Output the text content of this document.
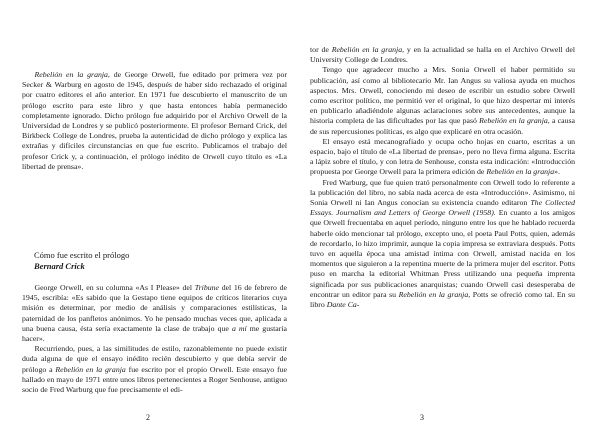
Rebelión en la granja, de George Orwell, fue editado por primera vez por Secker & Warburg en agosto de 1945, después de haber sido rechazado el original por cuatro editores el año anterior. En 1971 fue descubierto el manuscrito de un prólogo escrito para este libro y que hasta entonces había permanecido completamente ignorado. Dicho prólogo fue adquirido por el Archivo Orwell de la Universidad de Londres y se publicó posteriormente. El profesor Bernard Crick, del Birkbeck College de Londres, prueba la autenticidad de dicho prólogo y explica las extrañas y difíciles circunstancias en que fue escrito. Publicamos el trabajo del profesor Crick y, a continuación, el prólogo inédito de Orwell cuyo título es «La libertad de prensa».

Cómo fue escrito el prólogo

Bernard Crick

George Orwell, en su columna «As I Please» del Tribune del 16 de febrero de 1945, escribía: «Es sabido que la Gestapo tiene equipos de críticos literarios cuya misión es determinar, por medio de análisis y comparaciones estilísticas, la paternidad de los panfletos anónimos. Yo he pensado muchas veces que, aplicada a una buena causa, ésta sería exactamente la clase de trabajo que a mí me gustaría hacer».

Recurriendo, pues, a las similitudes de estilo, razonablemente no puede existir duda alguna de que el ensayo inédito recién descubierto y que debía servir de prólogo a Rebelión en la granja fue escrito por el propio Orwell. Este ensayo fue hallado en mayo de 1971 entre unos libros pertenecientes a Roger Senhouse, antiguo socio de Fred Warburg que fue precisamente el edi-

2

tor de Rebelión en la granja, y en la actualidad se halla en el Archivo Orwell del University College de Londres.

Tengo que agradecer mucho a Mrs. Sonia Orwell el haber permitido su publicación, así como al bibliotecario Mr. Ian Angus su valiosa ayuda en muchos aspectos. Mrs. Orwell, conociendo mi deseo de escribir un estudio sobre Orwell como escritor político, me permitió ver el original, lo que hizo despertar mi interés en publicarlo añadiéndole algunas aclaraciones sobre sus antecedentes, aunque la historia completa de las dificultades por las que pasó Rebelión en la granja, a causa de sus repercusiones políticas, es algo que explicaré en otra ocasión.

El ensayo está mecanografiado y ocupa ocho hojas en cuarto, escritas a un espacio, bajo el título de «La libertad de prensa», pero no lleva firma alguna. Escrita a lápiz sobre el título, y con letra de Senhouse, consta esta indicación: «Introducción propuesta por George Orwell para la primera edición de Rebelión en la granja».

Fred Warburg, que fue quien trató personalmente con Orwell todo lo referente a la publicación del libro, no sabía nada acerca de esta «Introducción». Asimismo, ni Sonia Orwell ni Ian Angus conocían su existencia cuando editaron The Collected Essays. Journalism and Letters of George Orwell (1958). En cuanto a los amigos que Orwell frecuentaba en aquel período, ninguno entre los que he hablado recuerda haberle oído mencionar tal prólogo, excepto uno, el poeta Paul Potts, quien, además de recordarlo, lo hizo imprimir, aunque la copia impresa se extraviara después. Potts tuvo en aquella época una amistad íntima con Orwell, amistad nacida en los momentos que siguieron a la repentina muerte de la primera mujer del escritor. Potts puso en marcha la editorial Whitman Press utilizando una pequeña imprenta significada por sus publicaciones anarquistas; cuando Orwell casi desesperaba de encontrar un editor para su Rebelión en la granja, Potts se ofreció como tal. En su libro Dante Ca-

3
